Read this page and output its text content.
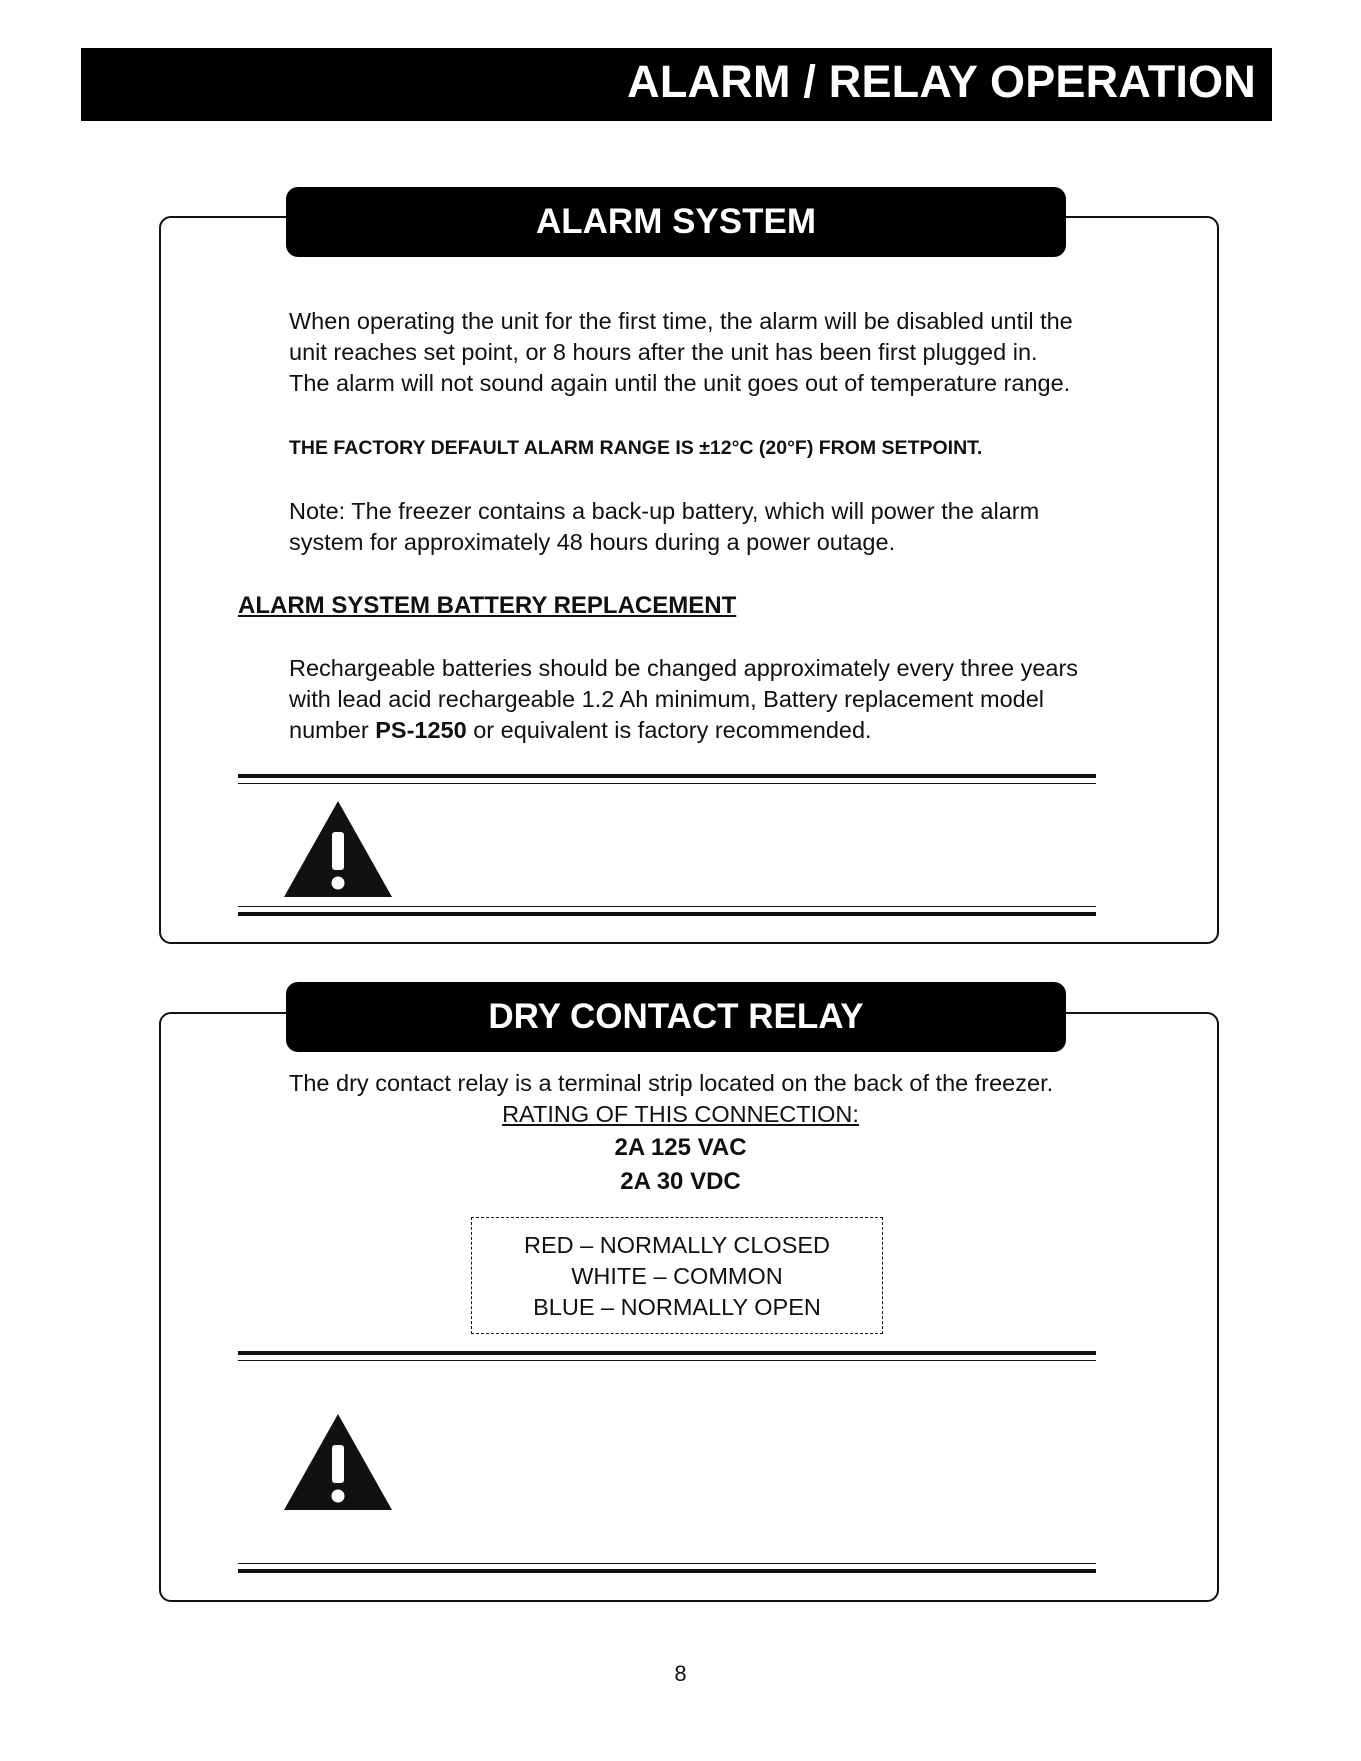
ALARM / RELAY OPERATION
ALARM SYSTEM
When operating the unit for the first time, the alarm will be disabled until the
unit reaches set point, or 8 hours after the unit has been first plugged in.
The alarm will not sound again until the unit goes out of temperature range.
THE FACTORY DEFAULT ALARM RANGE IS ±12°C (20°F) FROM SETPOINT.
Note: The freezer contains a back-up battery, which will power the alarm
system for approximately 48 hours during a power outage.
ALARM SYSTEM BATTERY REPLACEMENT
Rechargeable batteries should be changed approximately every three years
with lead acid rechargeable 1.2 Ah minimum, Battery replacement model
number PS-1250 or equivalent is factory recommended.
DRY CONTACT RELAY
The dry contact relay is a terminal strip located on the back of the freezer.
RATING OF THIS CONNECTION:
2A 125 VAC
2A 30 VDC
RED – NORMALLY CLOSED
WHITE – COMMON
BLUE – NORMALLY OPEN
8
